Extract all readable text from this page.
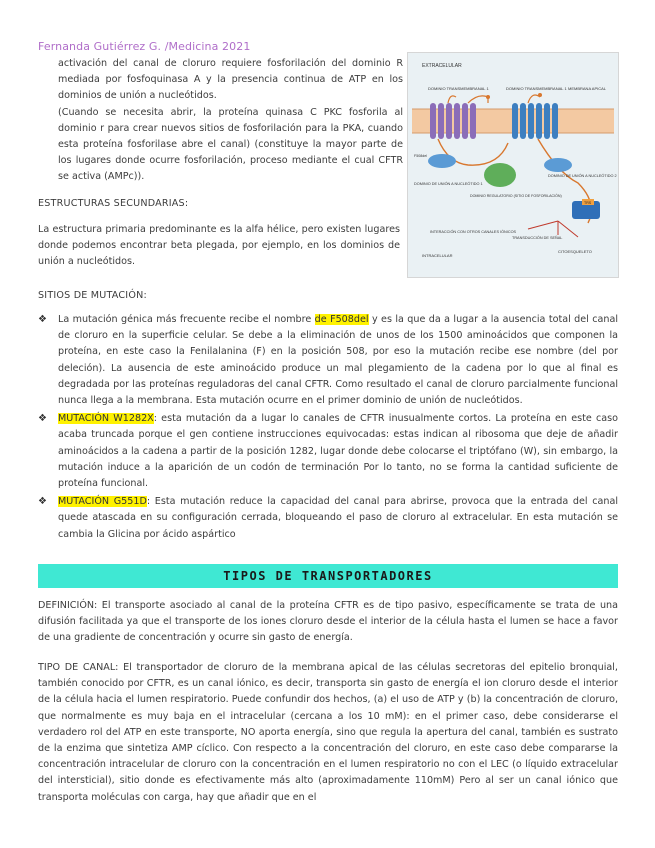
Fernanda Gutiérrez G. /Medicina 2021

activación del canal de cloruro requiere fosforilación del dominio R mediada por fosfoquinasa A y la presencia continua de ATP en los dominios de unión a nucleótidos.

(Cuando se necesita abrir, la proteína quinasa C PKC fosforila al dominio r para crear nuevos sitios de fosforilación para la PKA, cuando esta proteína fosforilase abre el canal) (constituye la mayor parte de los lugares donde ocurre fosforilación, proceso mediante el cual CFTR se activa (AMPc)).

ESTRUCTURAS SECUNDARIAS:
La estructura primaria predominante es la alfa hélice, pero existen lugares donde podemos encontrar beta plegada, por ejemplo, en los dominios de unión a nucleótidos.
SITIOS DE MUTACIÓN:
EXTRACELULAR
DOMINIO TRANSMEMBRANAL 1	DOMINIO TRANSMEMBRANAL 1 MEMBRANA APICAL
F508del
DOMINIO DE UNIÓN A NUCLEÓTIDO 1
DOMINIO REGULATORIO (SITIO DE FOSFORILACIÓN)
DOMINIO DE UNIÓN A NUCLEÓTIDO 2
TRS
INTERACCIÓN CON OTROS CANALES IÓNICOS
TRANSDUCCIÓN DE SEÑAL
INTRACELULAR
CITOESQUELETO
❖ La mutación génica más frecuente recibe el nombre de F508del y es la que da a lugar a la ausencia total del canal de cloruro en la superficie celular. Se debe a la eliminación de unos de los 1500 aminoácidos que componen la proteína, en este caso la Fenilalanina (F) en la posición 508, por eso la mutación recibe ese nombre (del por deleción). La ausencia de este aminoácido produce un mal plegamiento de la cadena por lo que al final es degradada por las proteínas reguladoras del canal CFTR. Como resultado el canal de cloruro parcialmente funcional nunca llega a la membrana. Esta mutación ocurre en el primer dominio de unión de nucleótidos.
❖ MUTACIÓN W1282X: esta mutación da a lugar lo canales de CFTR inusualmente cortos. La proteína en este caso acaba truncada porque el gen contiene instrucciones equivocadas: estas indican al ribosoma que deje de añadir aminoácidos a la cadena a partir de la posición 1282, lugar donde debe colocarse el triptófano (W), sin embargo, la mutación induce a la aparición de un codón de terminación Por lo tanto, no se forma la cantidad suficiente de proteína funcional.
❖ MUTACIÓN G551D: Esta mutación reduce la capacidad del canal para abrirse, provoca que la entrada del canal quede atascada en su configuración cerrada, bloqueando el paso de cloruro al extracelular. En esta mutación se cambia la Glicina por ácido aspártico
TIPOS DE TRANSPORTADORES

DEFINICIÓN: El transporte asociado al canal de la proteína CFTR es de tipo pasivo, específicamente se trata de una difusión facilitada ya que el transporte de los iones cloruro desde el interior de la célula hasta el lumen se hace a favor de una gradiente de concentración y ocurre sin gasto de energía.

TIPO DE CANAL: El transportador de cloruro de la membrana apical de las células secretoras del epitelio bronquial, también conocido por CFTR, es un canal iónico, es decir, transporta sin gasto de energía el ion cloruro desde el interior de la célula hacia el lumen respiratorio. Puede confundir dos hechos, (a) el uso de ATP y (b) la concentración de cloruro, que normalmente es muy baja en el intracelular (cercana a los 10 mM): en el primer caso, debe considerarse el verdadero rol del ATP en este transporte, NO aporta energía, sino que regula la apertura del canal, también es sustrato de la enzima que sintetiza AMP cíclico. Con respecto a la concentración del cloruro, en este caso debe compararse la concentración intracelular de cloruro con la concentración en el lumen respiratorio no con el LEC (o líquido extracelular del intersticial), sitio donde es efectivamente más alto (aproximadamente 110mM) Pero al ser un canal iónico que transporta moléculas con carga, hay que añadir que en el
